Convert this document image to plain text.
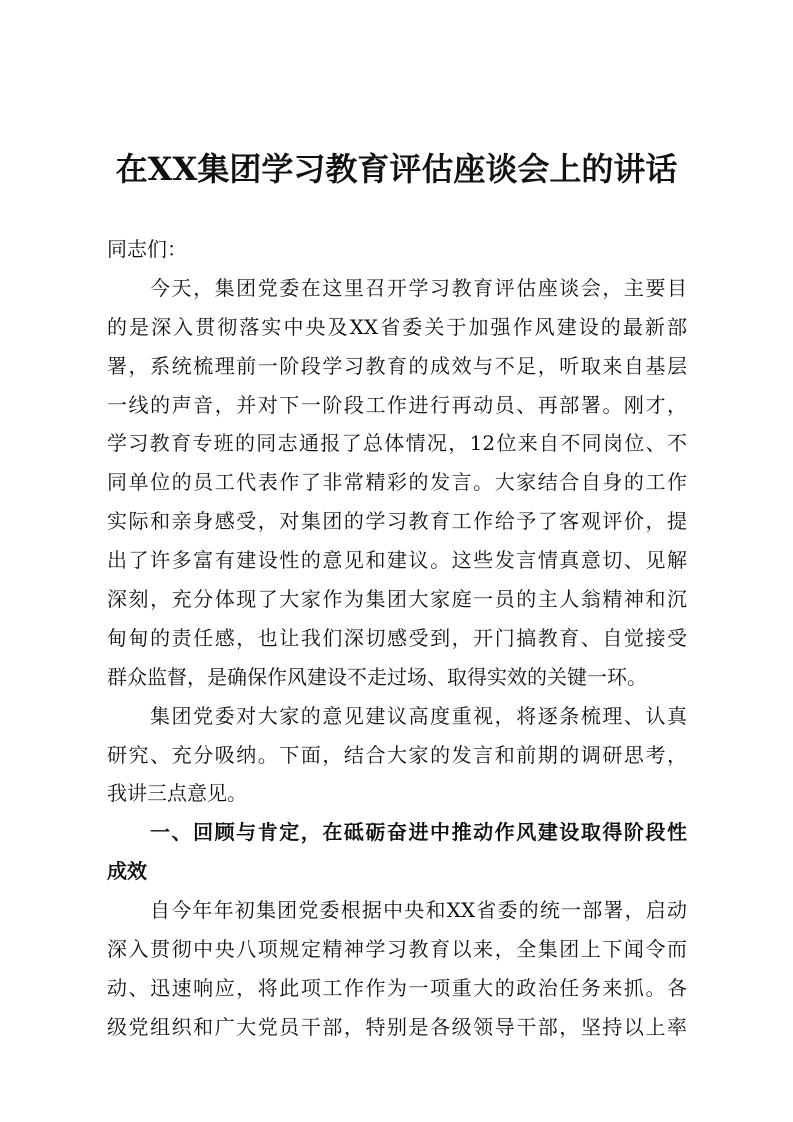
在XX集团学习教育评估座谈会上的讲话
同志们：
今天，集团党委在这里召开学习教育评估座谈会，主要目
的是深入贯彻落实中央及XX省委关于加强作风建设的最新部
署，系统梳理前一阶段学习教育的成效与不足，听取来自基层
一线的声音，并对下一阶段工作进行再动员、再部署。刚才，
学习教育专班的同志通报了总体情况，12位来自不同岗位、不
同单位的员工代表作了非常精彩的发言。大家结合自身的工作
实际和亲身感受，对集团的学习教育工作给予了客观评价，提
出了许多富有建设性的意见和建议。这些发言情真意切、见解
深刻，充分体现了大家作为集团大家庭一员的主人翁精神和沉
甸甸的责任感，也让我们深切感受到，开门搞教育、自觉接受
群众监督，是确保作风建设不走过场、取得实效的关键一环。
集团党委对大家的意见建议高度重视，将逐条梳理、认真
研究、充分吸纳。下面，结合大家的发言和前期的调研思考，
我讲三点意见。
一、回顾与肯定，在砥砺奋进中推动作风建设取得阶段性
成效
自今年年初集团党委根据中央和XX省委的统一部署，启动
深入贯彻中央八项规定精神学习教育以来，全集团上下闻令而
动、迅速响应，将此项工作作为一项重大的政治任务来抓。各
级党组织和广大党员干部，特别是各级领导干部，坚持以上率
